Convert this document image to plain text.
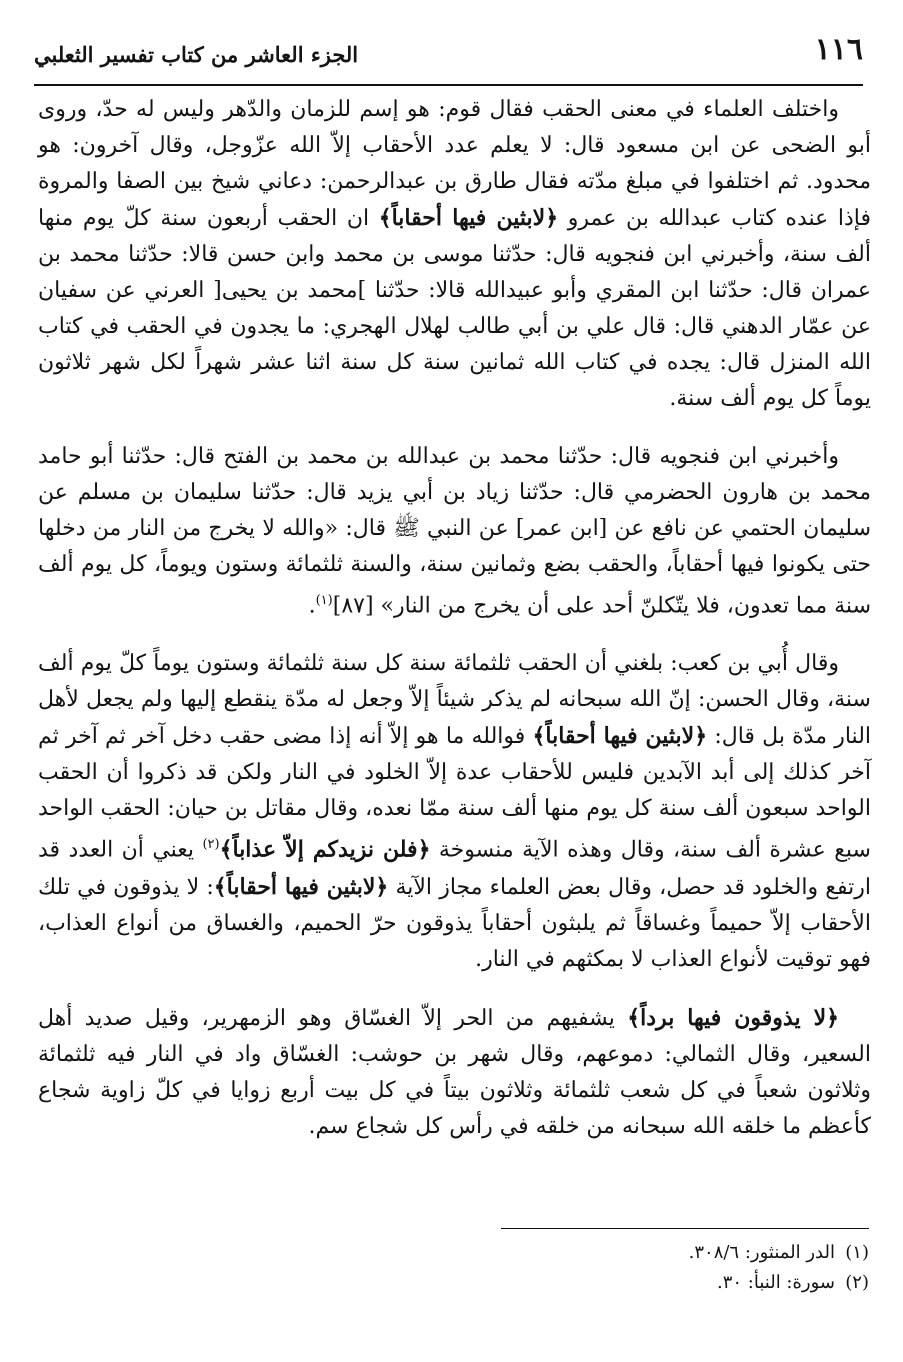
١١٦
الجزء العاشر من كتاب تفسير الثعلبي

واختلف العلماء في معنى الحقب فقال قوم: هو إسم للزمان والدّهر وليس له حدّ، وروى أبو الضحى عن ابن مسعود قال: لا يعلم عدد الأحقاب إلاّ الله عزّوجل، وقال آخرون: هو محدود. ثم اختلفوا في مبلغ مدّته فقال طارق بن عبدالرحمن: دعاني شيخ بين الصفا والمروة فإذا عنده كتاب عبدالله بن عمرو ﴿لابثين فيها أحقاباً﴾ ان الحقب أربعون سنة كلّ يوم منها ألف سنة، وأخبرني ابن فنجويه قال: حدّثنا موسى بن محمد وابن حسن قالا: حدّثنا محمد بن عمران قال: حدّثنا ابن المقري وأبو عبيدالله قالا: حدّثنا ]محمد بن يحيى[ العرني عن سفيان عن عمّار الدهني قال: قال علي بن أبي طالب لهلال الهجري: ما يجدون في الحقب في كتاب الله المنزل قال: يجده في كتاب الله ثمانين سنة كل سنة اثنا عشر شهراً لكل شهر ثلاثون يوماً كل يوم ألف سنة.

وأخبرني ابن فنجويه قال: حدّثنا محمد بن عبدالله بن محمد بن الفتح قال: حدّثنا أبو حامد محمد بن هارون الحضرمي قال: حدّثنا زياد بن أبي يزيد قال: حدّثنا سليمان بن مسلم عن سليمان الحتمي عن نافع عن [ابن عمر] عن النبي ﷺ قال: «والله لا يخرج من النار من دخلها حتى يكونوا فيها أحقاباً، والحقب بضع وثمانين سنة، والسنة ثلثمائة وستون ويوماً، كل يوم ألف سنة مما تعدون، فلا يتّكلنّ أحد على أن يخرج من النار» [٨٧]$^{(١)}$.

وقال أُبي بن كعب: بلغني أن الحقب ثلثمائة سنة كل سنة ثلثمائة وستون يوماً كلّ يوم ألف سنة، وقال الحسن: إنّ الله سبحانه لم يذكر شيئاً إلاّ وجعل له مدّة ينقطع إليها ولم يجعل لأهل النار مدّة بل قال: ﴿لابثين فيها أحقاباً﴾ فوالله ما هو إلاّ أنه إذا مضى حقب دخل آخر ثم آخر ثم آخر كذلك إلى أبد الآبدين فليس للأحقاب عدة إلاّ الخلود في النار ولكن قد ذكروا أن الحقب الواحد سبعون ألف سنة كل يوم منها ألف سنة ممّا نعده، وقال مقاتل بن حيان: الحقب الواحد سبع عشرة ألف سنة، وقال وهذه الآية منسوخة ﴿فلن نزيدكم إلاّ عذاباً﴾$^{(٢)}$ يعني أن العدد قد ارتفع والخلود قد حصل، وقال بعض العلماء مجاز الآية ﴿لابثين فيها أحقاباً﴾: لا يذوقون في تلك الأحقاب إلاّ حميماً وغساقاً ثم يلبثون أحقاباً يذوقون حرّ الحميم، والغساق من أنواع العذاب، فهو توقيت لأنواع العذاب لا بمكثهم في النار.

﴿لا يذوقون فيها برداً﴾ يشفيهم من الحر إلاّ الغسّاق وهو الزمهرير، وقيل صديد أهل السعير، وقال الثمالي: دموعهم، وقال شهر بن حوشب: الغسّاق واد في النار فيه ثلثمائة وثلاثون شعباً في كل شعب ثلثمائة وثلاثون بيتاً في كل بيت أربع زوايا في كلّ زاوية شجاع كأعظم ما خلقه الله سبحانه من خلقه في رأس كل شجاع سم.

(١)الدر المنثور: ٣٠٨/٦.
(٢)سورة: النبأ: ٣٠.
